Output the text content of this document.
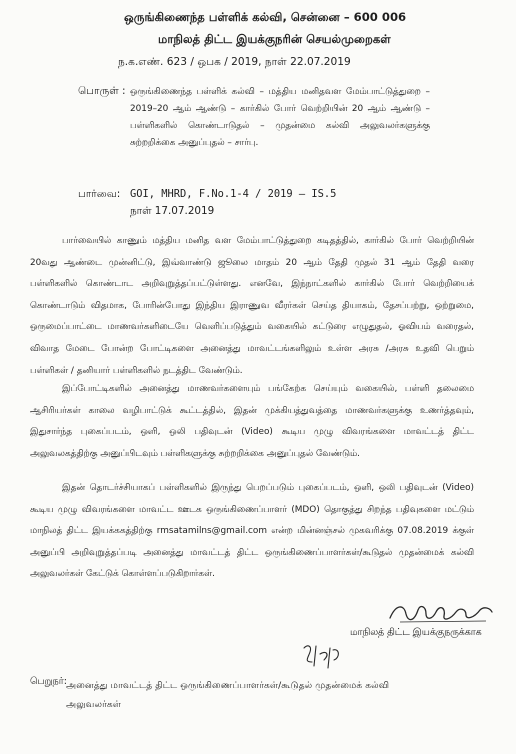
ஒருங்கிணைந்த பள்ளிக் கல்வி, சென்னை – 600 006
மாநிலத் திட்ட இயக்குநரின் செயல்முறைகள்
ந.க.எண். 623 / ஒபக / 2019, நாள் 22.07.2019
பொருள் : ஒருங்கிணைந்த பள்ளிக் கல்வி – மத்திய மனிதவள மேம்பாட்டுத்துறை – 2019–20 ஆம் ஆண்டு – கார்கில் போர் வெற்றியின் 20 ஆம் ஆண்டு – பள்ளிகளில் கொண்டாடுதல் – முதன்மை கல்வி அலுவலர்களுக்கு சுற்றறிக்கை அனுப்புதல் – சார்பு.
பார்வை: GOI, MHRD, F.No.1-4 / 2019 – IS.5
நாள் 17.07.2019

பார்வையில் காணும் மத்திய மனித வள மேம்பாட்டுத்துறை கடிதத்தில், கார்கில் போர் வெற்றியின் 20வது ஆண்டை முன்னிட்டு, இவ்வாண்டு ஜூலை மாதம் 20 ஆம் தேதி முதல் 31 ஆம் தேதி வரை பள்ளிகளில் கொண்டாட அறிவுறுத்தப்பட்டுள்ளது. எனவே, இந்நாட்களில் கார்கில் போர் வெற்றியைக் கொண்டாடும் விதமாக, போரின்போது இந்திய இராணுவ வீரர்கள் செய்த தியாகம், தேசப்பற்று, ஒற்றுமை, ஒருமைப்பாட்டை மாணவர்களிடையே வெளிப்படுத்தும் வகையில் கட்டுரை எழுதுதல், ஓவியம் வரைதல், விவாத மேடை போன்ற போட்டிகளை அனைத்து மாவட்டங்களிலும் உள்ள அரசு /அரசு உதவி பெறும் பள்ளிகள் / தனியார் பள்ளிகளில் நடத்திட வேண்டும்.

இப்போட்டிகளில் அனைத்து மாணவர்களையும் பங்கேற்க செய்யும் வகையில், பள்ளி தலைமை ஆசிரியர்கள் காலை வழிபாட்டுக் கூட்டத்தில், இதன் முக்கியத்துவத்தை மாணவர்களுக்கு உணர்த்தவும், இதுசார்ந்த புகைப்படம், ஒளி, ஒலி பதிவுடன் (Video) கூடிய முழு விவரங்களை மாவட்டத் திட்ட அலுவலகத்திற்கு அனுப்பிடவும் பள்ளிகளுக்கு சுற்றறிக்கை அனுப்புதல் வேண்டும்.

இதன் தொடர்ச்சியாகப் பள்ளிகளில் இருந்து பெறப்படும் புகைப்படம், ஒளி, ஒலி பதிவுடன் (Video) கூடிய முழு விவரங்களை மாவட்ட ஊடக ஒருங்கிணைப்பாளர் (MDO) தொகுத்து சிறந்த பதிவுகளை மட்டும் மாநிலத் திட்ட இயக்ககத்திற்கு rmsatamilns@gmail.com என்ற மின்னஞ்சல் முகவரிக்கு 07.08.2019 க்குள் அனுப்பி அறிவுறுத்தப்படி அனைத்து மாவட்டத் திட்ட ஒருங்கிணைப்பாளர்கள்/கூடுதல் முதன்மைக் கல்வி அலுவலர்கள் கேட்டுக் கொள்ளப்படுகிறார்கள்.

மாநிலத் திட்ட இயக்குநருக்காக
பெறுநர்:
அனைத்து மாவட்டத் திட்ட ஒருங்கிணைப்பாளர்கள்/கூடுதல் முதன்மைக் கல்வி அலுவலர்கள்
